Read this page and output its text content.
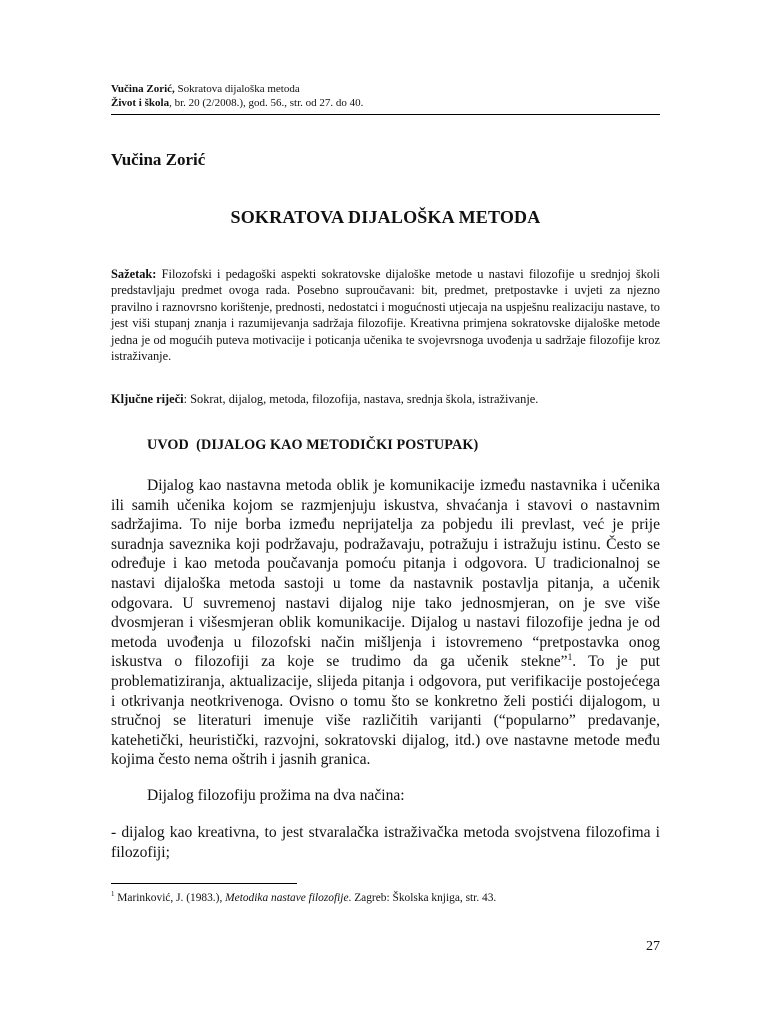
Vučina Zorić, Sokratova dijaloška metoda
Život i škola, br. 20 (2/2008.), god. 56., str. od 27. do 40.
Vučina Zorić
SOKRATOVA DIJALOŠKA METODA
Sažetak: Filozofski i pedagoški aspekti sokratovske dijaloške metode u nastavi filozofije u srednjoj školi predstavljaju predmet ovoga rada. Posebno suproučavani: bit, predmet, pretpostavke i uvjeti za njezno pravilno i raznovrsno korištenje, prednosti, nedostatci i mogućnosti utjecaja na uspješnu realizaciju nastave, to jest viši stupanj znanja i razumijevanja sadržaja filozofije. Kreativna primjena sokratovske dijaloške metode jedna je od mogućih puteva motivacije i poticanja učenika te svojevrsnoga uvođenja u sadržaje filozofije kroz istraživanje.
Ključne riječi: Sokrat, dijalog, metoda, filozofija, nastava, srednja škola, istraživanje.
UVOD  (DIJALOG KAO METODIČKI POSTUPAK)
Dijalog kao nastavna metoda oblik je komunikacije između nastavnika i učenika ili samih učenika kojom se razmjenjuju iskustva, shvaćanja i stavovi o nastavnim sadržajima. To nije borba između neprijatelja za pobjedu ili prevlast, već je prije suradnja saveznika koji podržavaju, podražavaju, potražuju i istražuju istinu. Često se određuje i kao metoda poučavanja pomoću pitanja i odgovora. U tradicionalnoj se nastavi dijaloška metoda sastoji u tome da nastavnik postavlja pitanja, a učenik odgovara. U suvremenoj nastavi dijalog nije tako jednosmjeran, on je sve više dvosmjeran i višesmjeran oblik komunikacije. Dijalog u nastavi filozofije jedna je od metoda uvođenja u filozofski način mišljenja i istovremeno “pretpostavka onog iskustva o filozofiji za koje se trudimo da ga učenik stekne”$^1$. To je put problematiziranja, aktualizacije, slijeda pitanja i odgovora, put verifikacije postojećega i otkrivanja neotkrivenoga. Ovisno o tomu što se konkretno želi postići dijalogom, u stručnoj se literaturi imenuje više različitih varijanti (“popularno” predavanje, katehetički, heuristički, razvojni, sokratovski dijalog, itd.) ove nastavne metode među kojima često nema oštrih i jasnih granica.
Dijalog filozofiju prožima na dva načina:
- dijalog kao kreativna, to jest stvaralačka istraživačka metoda svojstvena filozofima i filozofiji;
$^1$ Marinković, J. (1983.), Metodika nastave filozofije. Zagreb: Školska knjiga, str. 43.
27
